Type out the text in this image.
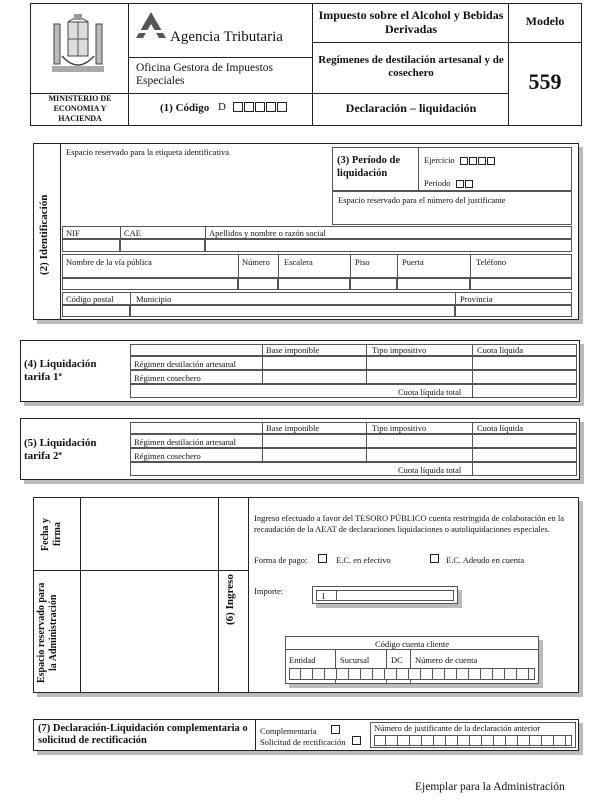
Agencia Tributaria
Oficina Gestora de Impuestos Especiales
MINISTERIO DE ECONOMIA Y HACIENDA
(1) Código D
Impuesto sobre el Alcohol y Bebidas Derivadas
Regímenes de destilación artesanal y de cosechero
Declaración – liquidación
Modelo
559
(2) Identificación
Espacio reservado para la etiqueta identificativa
(3) Período de liquidación
Ejercicio
Periodo
Espacio reservado para el número del justificante
NIF	CAE	Apellidos y nombre o razón social
Nombre de la vía pública	Número	Escalera	Piso	Puerta	Teléfono
Código postal	Municipio	Provincia
(4) Liquidación tarifa 1ª
Base imponible	Tipo impositivo	Cuota líquida
Régimen destilación artesanal
Régimen cosechero
Cuota líquida total
(5) Liquidación tarifa 2ª
Base imponible	Tipo impositivo	Cuota líquida
Régimen destilación artesanal
Régimen cosechero
Cuota líquida total
Fecha y firma
Espacio reservado para la Administración	(6) Ingreso
Ingreso efectuado a favor del TESORO PÚBLICO cuenta restringida de colaboración en la recaudación de la AEAT de declaraciones liquidaciones o autoliquidaciones especiales.
Forma de pago:	E.C. en efectivo	E.C. Adeudo en cuenta
Importe:	I
Código cuenta cliente
Entidad	Sucursal	DC Número de cuenta
(7) Declaración-Liquidación complementaria o solicitud de rectificación
Complementaria
Solicitud de rectificación
Número de justificante de la declaración anterior
Ejemplar para la Administración
